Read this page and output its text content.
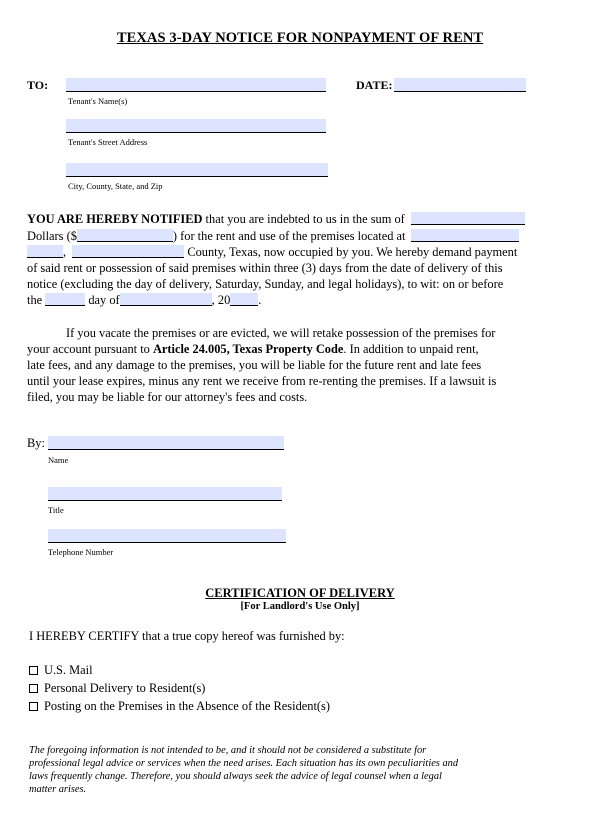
TEXAS 3-DAY NOTICE FOR NONPAYMENT OF RENT
TO:
Tenant's Name(s)
DATE:
Tenant's Street Address
City, County, State, and Zip
YOU ARE HEREBY NOTIFIED that you are indebted to us in the sum of
Dollars ($	) for the rent and use of the premises located at
,	County, Texas, now occupied by you. We hereby demand payment
of said rent or possession of said premises within three (3) days from the date of delivery of this
notice (excluding the day of delivery, Saturday, Sunday, and legal holidays), to wit: on or before
the	day of	, 20 .
If you vacate the premises or are evicted, we will retake possession of the premises for
your account pursuant to Article 24.005, Texas Property Code. In addition to unpaid rent,
late fees, and any damage to the premises, you will be liable for the future rent and late fees
until your lease expires, minus any rent we receive from re-renting the premises. If a lawsuit is
filed, you may be liable for our attorney's fees and costs.
By:
Name
Title
Telephone Number
CERTIFICATION OF DELIVERY
[For Landlord's Use Only]
I HEREBY CERTIFY that a true copy hereof was furnished by:
U.S. Mail
Personal Delivery to Resident(s)
Posting on the Premises in the Absence of the Resident(s)
The foregoing information is not intended to be, and it should not be considered a substitute for
professional legal advice or services when the need arises. Each situation has its own peculiarities and
laws frequently change. Therefore, you should always seek the advice of legal counsel when a legal
matter arises.
